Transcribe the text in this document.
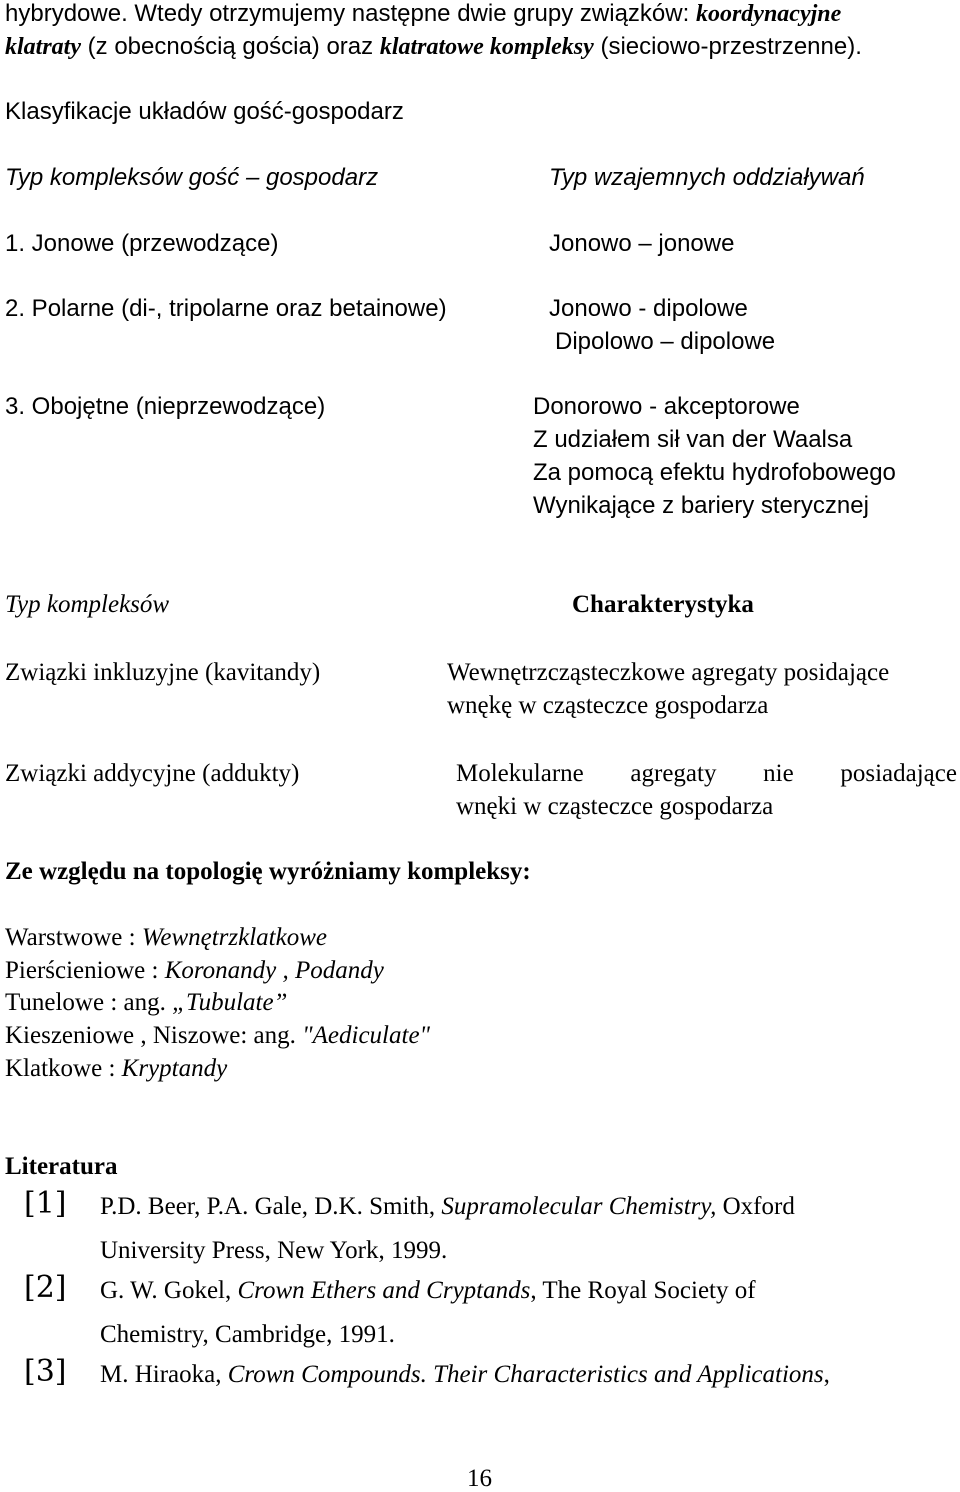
hybrydowe. Wtedy otrzymujemy następne dwie grupy związków: koordynacyjne
klatraty (z obecnością gościa) oraz klatratowe kompleksy (sieciowo-przestrzenne).
Klasyfikacje układów gość-gospodarz
Typ kompleksów gość – gospodarz	Typ wzajemnych oddziaływań
1. Jonowe (przewodzące)	Jonowo – jonowe
2. Polarne (di-, tripolarne oraz betainowe)	Jonowo - dipolowe
Dipolowo – dipolowe
3. Obojętne (nieprzewodzące)	Donorowo - akceptorowe
Z udziałem sił van der Waalsa
Za pomocą efektu hydrofobowego
Wynikające z bariery sterycznej
Typ kompleksów	Charakterystyka
Związki inkluzyjne (kavitandy)	Wewnętrzcząsteczkowe agregaty posidające
wnękę w cząsteczce gospodarza
Związki addycyjne (addukty)	Molekularne agregaty nie posiadające
wnęki w cząsteczce gospodarza
Ze względu na topologię wyróżniamy kompleksy:
Warstwowe : Wewnętrzklatkowe
Pierścieniowe : Koronandy , Podandy
Tunelowe : ang. „Tubulate”
Kieszeniowe , Niszowe: ang. "Aediculate"
Klatkowe : Kryptandy
Literatura
[1] P.D. Beer, P.A. Gale, D.K. Smith, Supramolecular Chemistry, Oxford
University Press, New York, 1999.
[2] G. W. Gokel, Crown Ethers and Cryptands, The Royal Society of
Chemistry, Cambridge, 1991.
[3] M. Hiraoka, Crown Compounds. Their Characteristics and Applications,
16
